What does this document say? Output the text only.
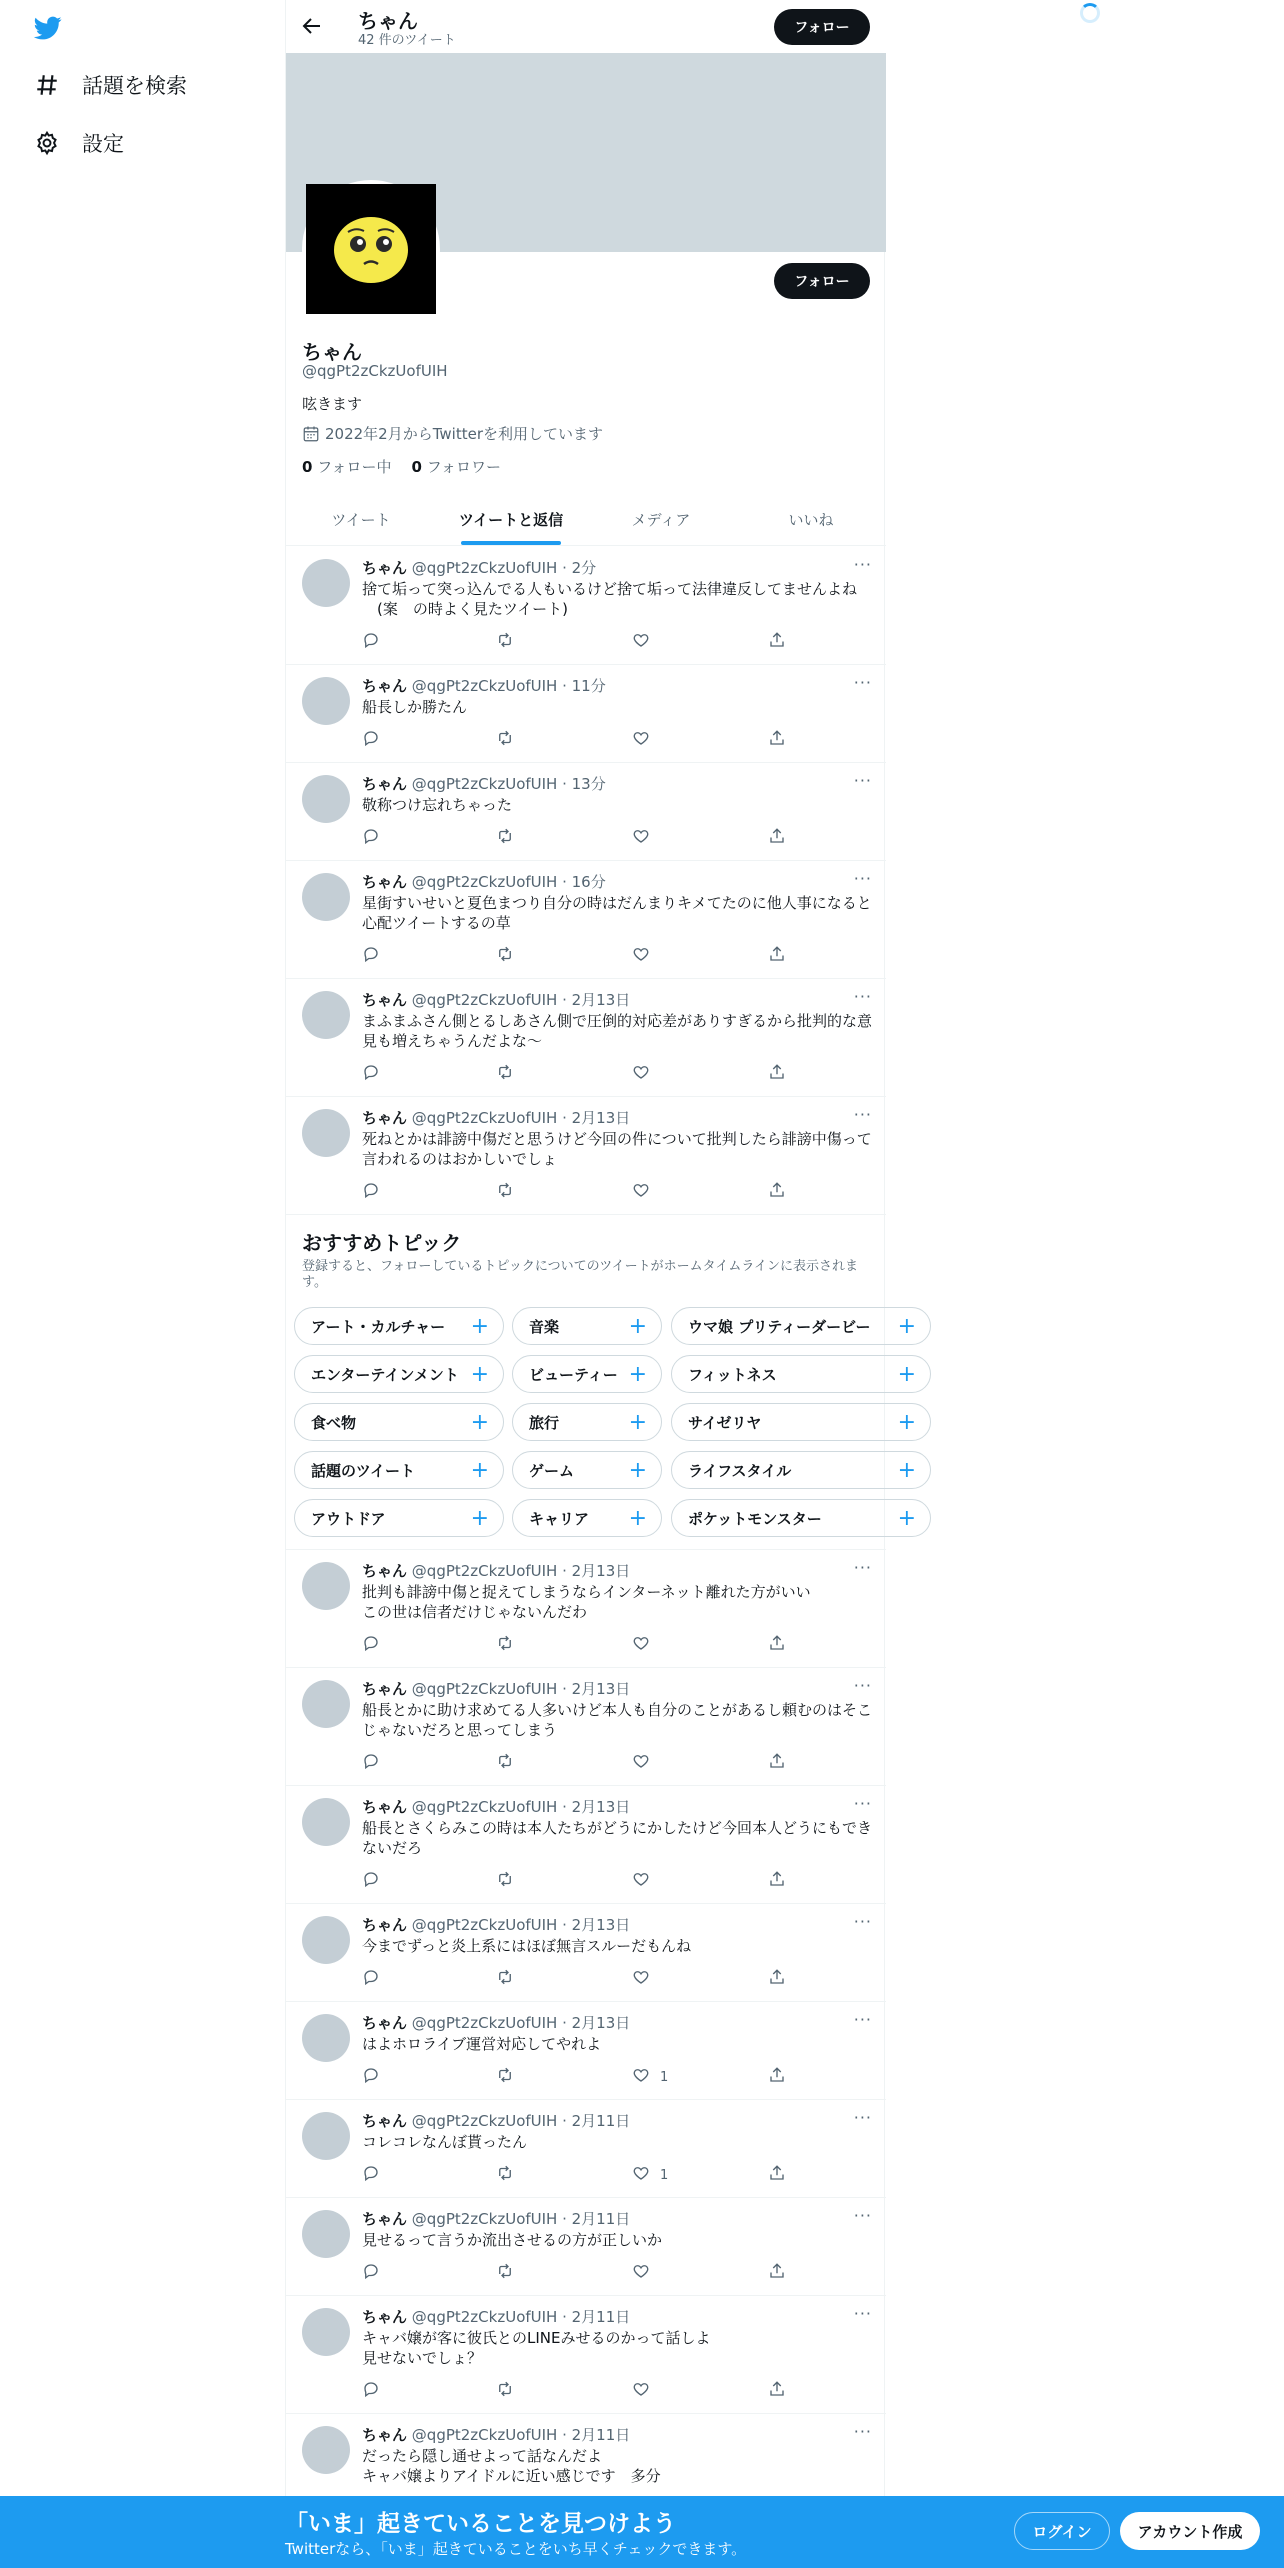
話題を検索
設定
ちゃん
42 件のツイート
フォロー
フォロー
ちゃん
@qgPt2zCkzUofUIH
呟きます
2022年2月からTwitterを利用しています
0 フォロー中 0 フォロワー
ツイート	ツイートと返信	メディア	いいね
ちゃん @qgPt2zCkzUofUIH · 2分	···
捨て垢って突っ込んでる人もいるけど捨て垢って法律違反してませんよね
　(案　の時よく見たツイート)
ちゃん @qgPt2zCkzUofUIH · 11分	···
船長しか勝たん
ちゃん @qgPt2zCkzUofUIH · 13分	···
敬称つけ忘れちゃった
ちゃん @qgPt2zCkzUofUIH · 16分	···
星街すいせいと夏色まつり自分の時はだんまりキメてたのに他人事になると心配ツイートするの草
ちゃん @qgPt2zCkzUofUIH · 2月13日	···
まふまふさん側とるしあさん側で圧倒的対応差がありすぎるから批判的な意見も増えちゃうんだよな～
ちゃん @qgPt2zCkzUofUIH · 2月13日	···
死ねとかは誹謗中傷だと思うけど今回の件について批判したら誹謗中傷って言われるのはおかしいでしょ
おすすめトピック
登録すると、フォローしているトピックについてのツイートがホームタイムラインに表示されます。
アート・カルチャー +	音楽	+	ウマ娘 プリティーダービー +
エンターテインメント +	ビューティー +	フィットネス	+
食べ物	+	旅行	+	サイゼリヤ	+
話題のツイート	+	ゲーム +	ライフスタイル	+
アウトドア	+	キャリア +	ポケットモンスター	+
ちゃん @qgPt2zCkzUofUIH · 2月13日	···
批判も誹謗中傷と捉えてしまうならインターネット離れた方がいい
この世は信者だけじゃないんだわ
ちゃん @qgPt2zCkzUofUIH · 2月13日	···
船長とかに助け求めてる人多いけど本人も自分のことがあるし頼むのはそこじゃないだろと思ってしまう
ちゃん @qgPt2zCkzUofUIH · 2月13日	···
船長とさくらみこの時は本人たちがどうにかしたけど今回本人どうにもできないだろ
ちゃん @qgPt2zCkzUofUIH · 2月13日	···
今までずっと炎上系にはほぼ無言スルーだもんね
ちゃん @qgPt2zCkzUofUIH · 2月13日	···
はよホロライブ運営対応してやれよ
1
ちゃん @qgPt2zCkzUofUIH · 2月11日	···
コレコレなんぼ貰ったん
1
ちゃん @qgPt2zCkzUofUIH · 2月11日	···
見せるって言うか流出させるの方が正しいか
ちゃん @qgPt2zCkzUofUIH · 2月11日	···
キャバ嬢が客に彼氏とのLINEみせるのかって話しよ
見せないでしょ？
ちゃん @qgPt2zCkzUofUIH · 2月11日	···
だったら隠し通せよって話なんだよ
キャバ嬢よりアイドルに近い感じです　多分
「いま」起きていることを見つけよう
Twitterなら、「いま」起きていることをいち早くチェックできます。
ログイン	アカウント作成
